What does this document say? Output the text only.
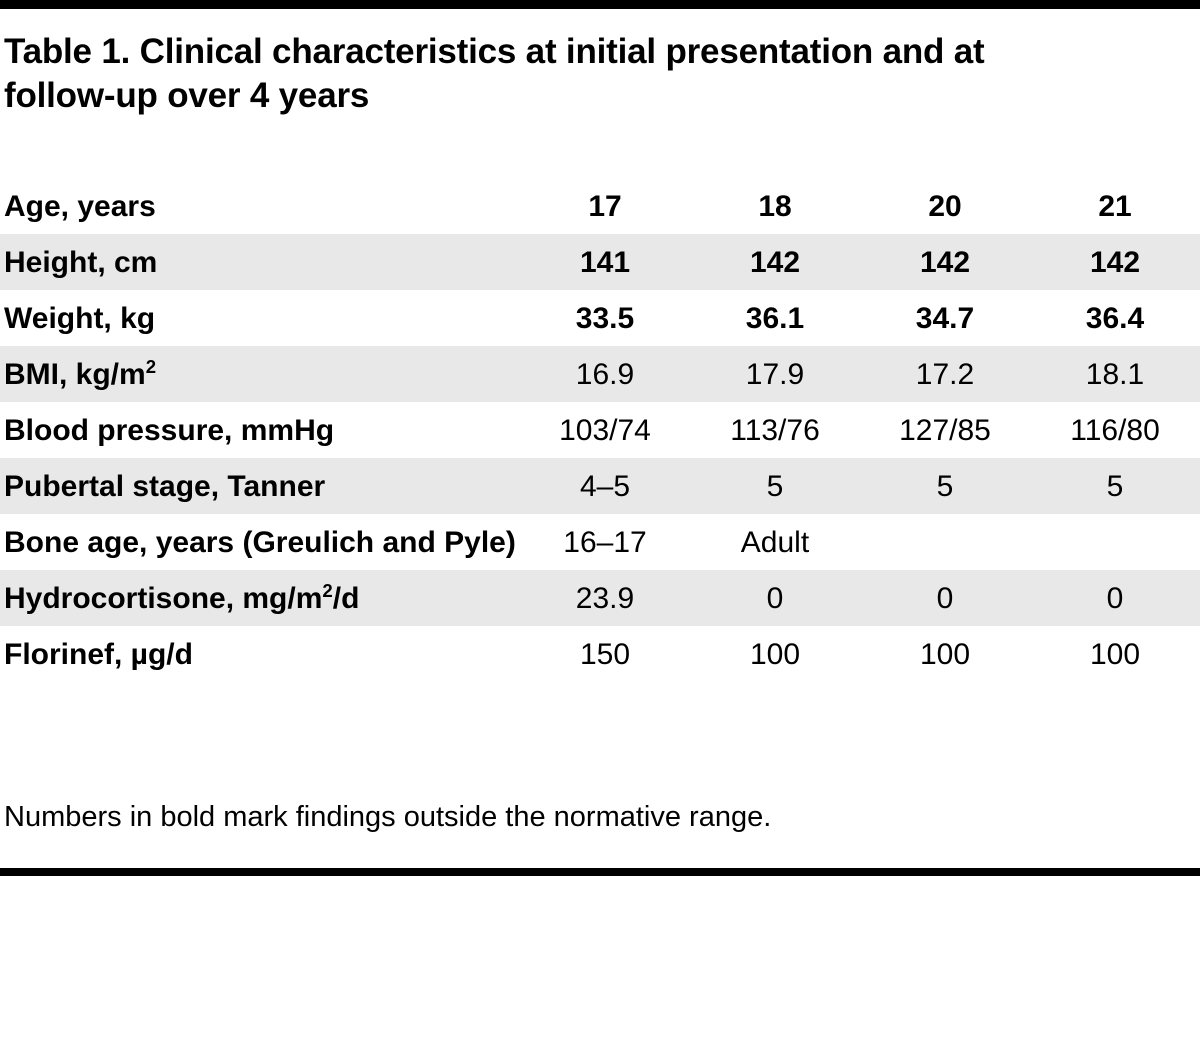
Table 1. Clinical characteristics at initial presentation and at follow-up over 4 years
Age, years	17	18	20	21
Height, cm	141	142	142	142
Weight, kg	33.5	36.1	34.7	36.4
BMI, $kg/m^2$	16.9	17.9	17.2	18.1
Blood pressure, mmHg	103/74	113/76	127/85	116/80
Pubertal stage, Tanner	4–5	5	5	5
Bone age, years (Greulich and Pyle)	16–17	Adult		
Hydrocortisone, $mg/m^2/d$	23.9	0	0	0
Florinef, µg/d	150	100	100	100
Numbers in bold mark findings outside the normative range.
